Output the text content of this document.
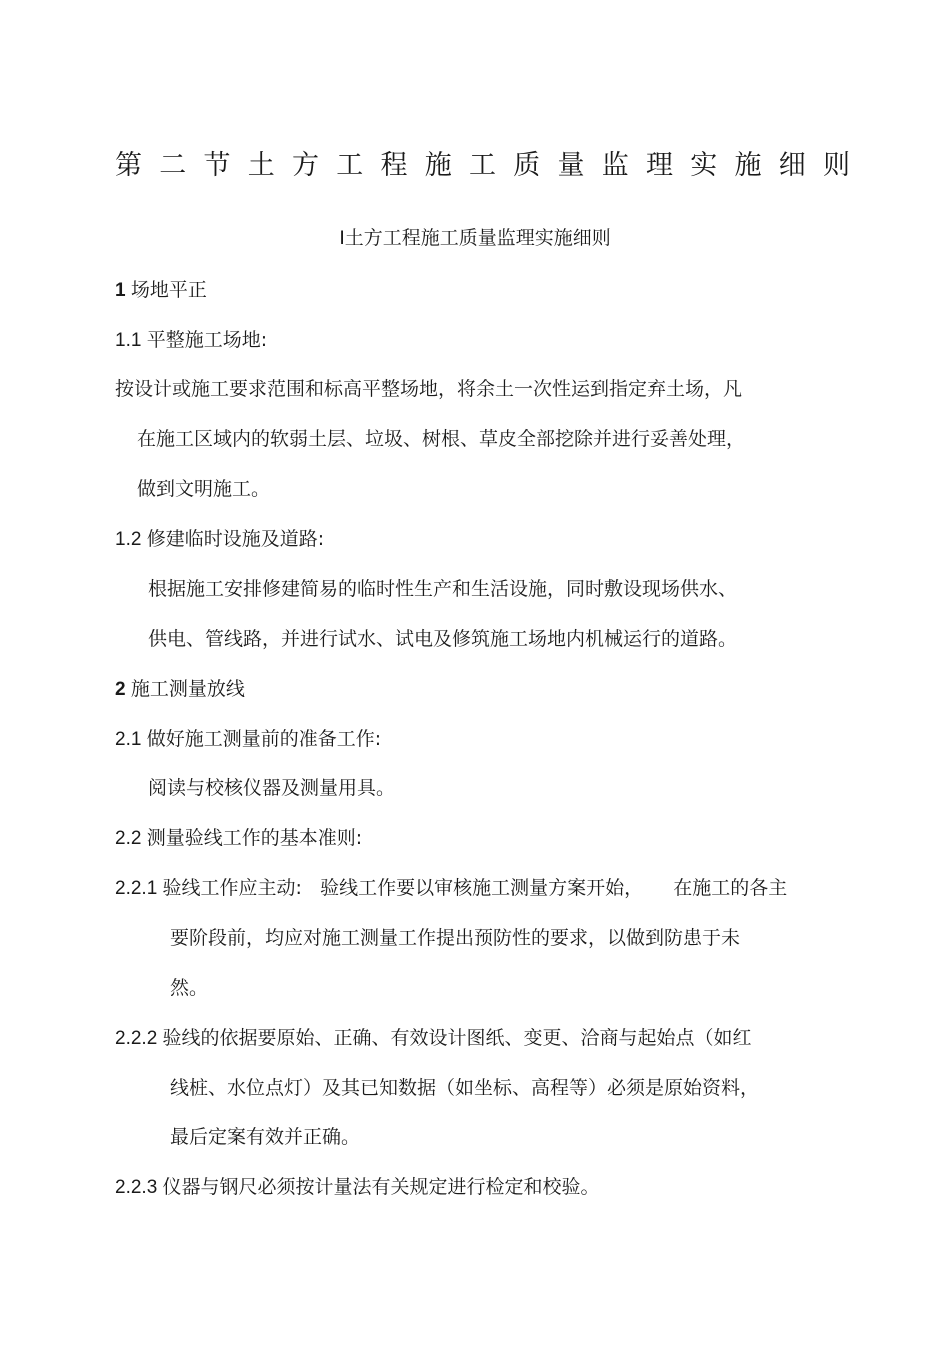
第 二 节 土 方 工 程 施 工 质 量 监 理 实 施 细 则
Ⅰ土方工程施工质量监理实施细则
1 场地平正
1.1 平整施工场地:
按设计或施工要求范围和标高平整场地，将余土一次性运到指定弃土场，凡
在施工区域内的软弱土层、垃圾、树根、草皮全部挖除并进行妥善处理，
做到文明施工。
1.2 修建临时设施及道路:
根据施工安排修建简易的临时性生产和生活设施，同时敷设现场供水、
供电、管线路，并进行试水、试电及修筑施工场地内机械运行的道路。
2 施工测量放线
2.1 做好施工测量前的准备工作:
阅读与校核仪器及测量用具。
2.2 测量验线工作的基本准则:
2.2.1 验线工作应主动:   验线工作要以审核施工测量方案开始，     在施工的各主
要阶段前，均应对施工测量工作提出预防性的要求，以做到防患于未
然。
2.2.2 验线的依据要原始、正确、有效设计图纸、变更、洽商与起始点（如红
线桩、水位点灯）及其已知数据（如坐标、高程等）必须是原始资料，
最后定案有效并正确。
2.2.3 仪器与钢尺必须按计量法有关规定进行检定和校验。
